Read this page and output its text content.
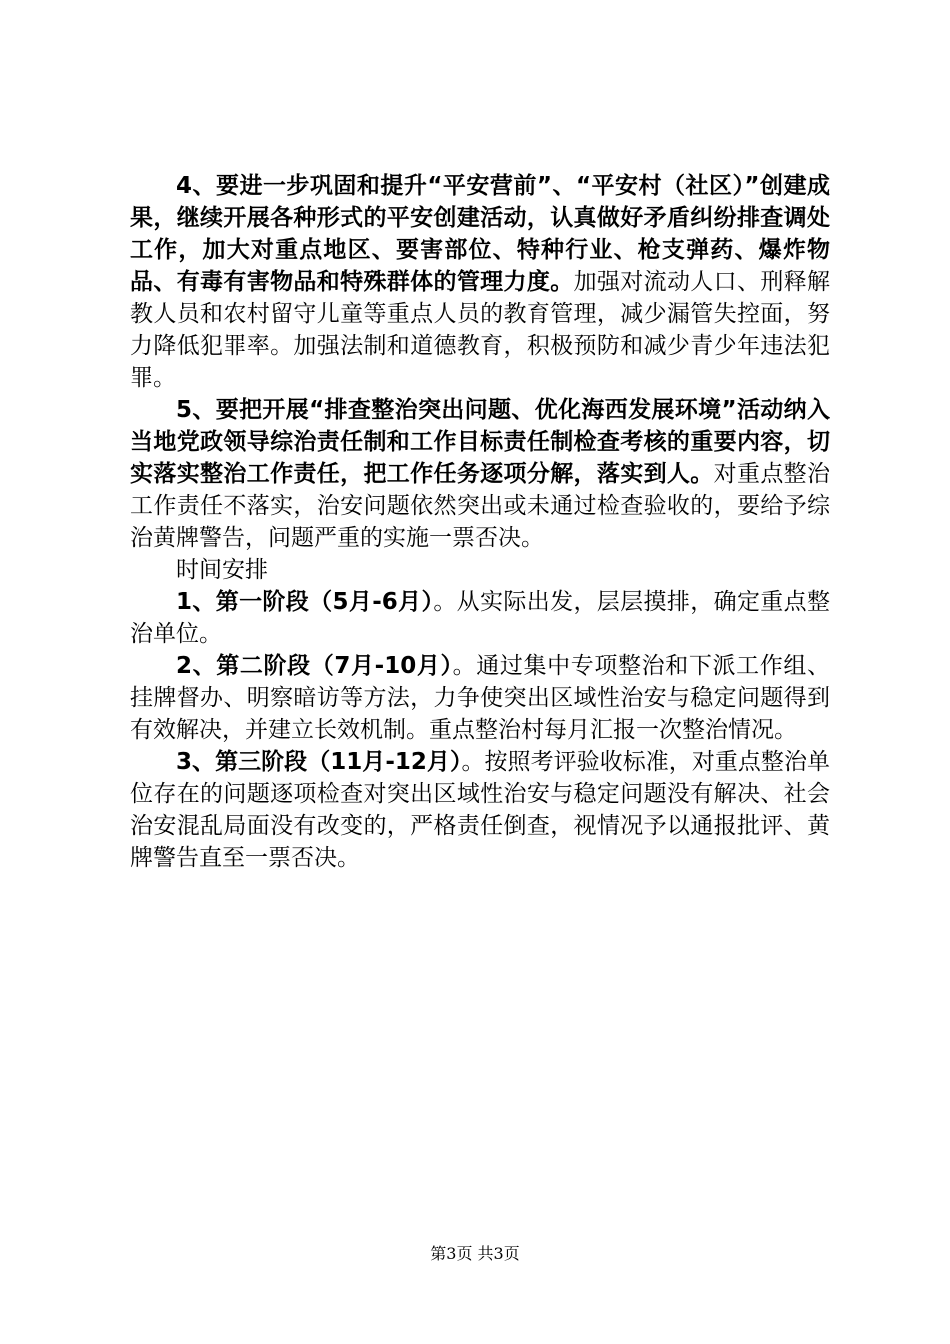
4、要进一步巩固和提升“平安营前”、“平安村（社区）”创建成果，继续开展各种形式的平安创建活动，认真做好矛盾纠纷排查调处工作，加大对重点地区、要害部位、特种行业、枪支弹药、爆炸物品、有毒有害物品和特殊群体的管理力度。加强对流动人口、刑释解教人员和农村留守儿童等重点人员的教育管理，减少漏管失控面，努力降低犯罪率。加强法制和道德教育，积极预防和减少青少年违法犯罪。

5、要把开展“排查整治突出问题、优化海西发展环境”活动纳入当地党政领导综治责任制和工作目标责任制检查考核的重要内容，切实落实整治工作责任，把工作任务逐项分解，落实到人。对重点整治工作责任不落实，治安问题依然突出或未通过检查验收的，要给予综治黄牌警告，问题严重的实施一票否决。

时间安排

1、第一阶段（5月-6月）。从实际出发，层层摸排，确定重点整治单位。

2、第二阶段（7月-10月）。通过集中专项整治和下派工作组、挂牌督办、明察暗访等方法，力争使突出区域性治安与稳定问题得到有效解决，并建立长效机制。重点整治村每月汇报一次整治情况。

3、第三阶段（11月-12月）。按照考评验收标准，对重点整治单位存在的问题逐项检查对突出区域性治安与稳定问题没有解决、社会治安混乱局面没有改变的，严格责任倒查，视情况予以通报批评、黄牌警告直至一票否决。

第3页 共3页
